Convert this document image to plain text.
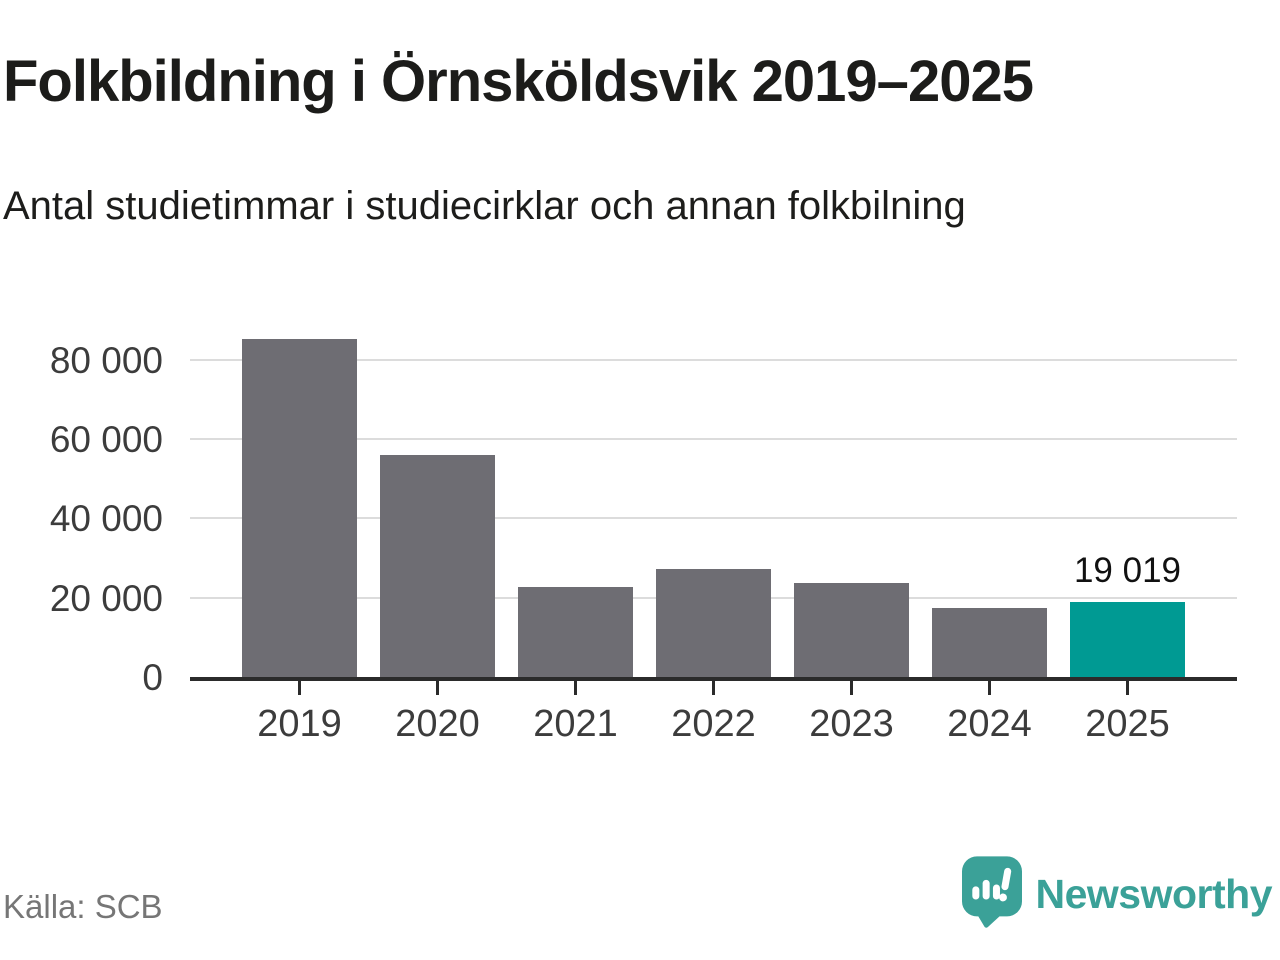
Folkbildning i Örnsköldsvik 2019–2025
Antal studietimmar i studiecirklar och annan folkbilning
0
20 000
40 000
60 000
80 000
2019	2020	2021	2022	2023	2024	2025
19 019
Källa: SCB	Newsworthy
